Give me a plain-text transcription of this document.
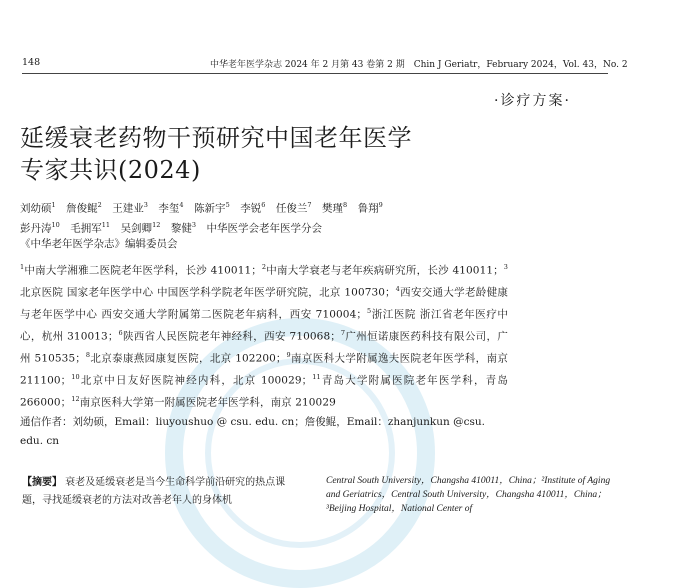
148	中华老年医学杂志 2024 年 2 月第 43 卷第 2 期　Chin J Geriatr，February 2024，Vol. 43，No. 2
·诊疗方案·
延缓衰老药物干预研究中国老年医学
专家共识(2024)
刘幼硕$^1$　 詹俊鲲$^2$　 王建业$^3$　 李玺$^4$　 陈新宇$^5$　 李锐$^6$　 任俊兰$^7$　 樊瑾$^8$　 鲁翔$^9$
彭丹涛$^{10}$　 毛拥军$^{11}$　 吴剑卿$^{12}$　 黎健$^3$　 中华医学会老年医学分会
《中华老年医学杂志》编辑委员会
$^1$中南大学湘雅二医院老年医学科，长沙 410011；$^2$中南大学衰老与老年疾病研究所，长沙 410011；$^3$北京医院 国家老年医学中心 中国医学科学院老年医学研究院，北京 100730；$^4$西安交通大学老龄健康与老年医学中心 西安交通大学附属第二医院老年病科，西安 710004；$^5$浙江医院 浙江省老年医疗中心，杭州 310013；$^6$陕西省人民医院老年神经科，西安 710068；$^7$广州恒诺康医药科技有限公司，广州 510535；$^8$北京泰康燕园康复医院，北京 102200；$^9$南京医科大学附属逸夫医院老年医学科，南京 211100；$^{10}$北京中日友好医院神经内科，北京 100029；$^{11}$青岛大学附属医院老年医学科，青岛 266000；$^{12}$南京医科大学第一附属医院老年医学科，南京 210029
通信作者：刘幼硕，Email：liuyoushuo @ csu. edu. cn；詹俊鲲，Email：zhanjunkun @csu. edu. cn
【摘要】 衰老及延缓衰老是当今生命科学前沿研究的热点课题，寻找延缓衰老的方法对改善老年人的身体机
Central South University，Changsha 410011，China；²Institute of Aging and Geriatrics，Central South University，Changsha 410011，China；³Beijing Hospital，National Center of
